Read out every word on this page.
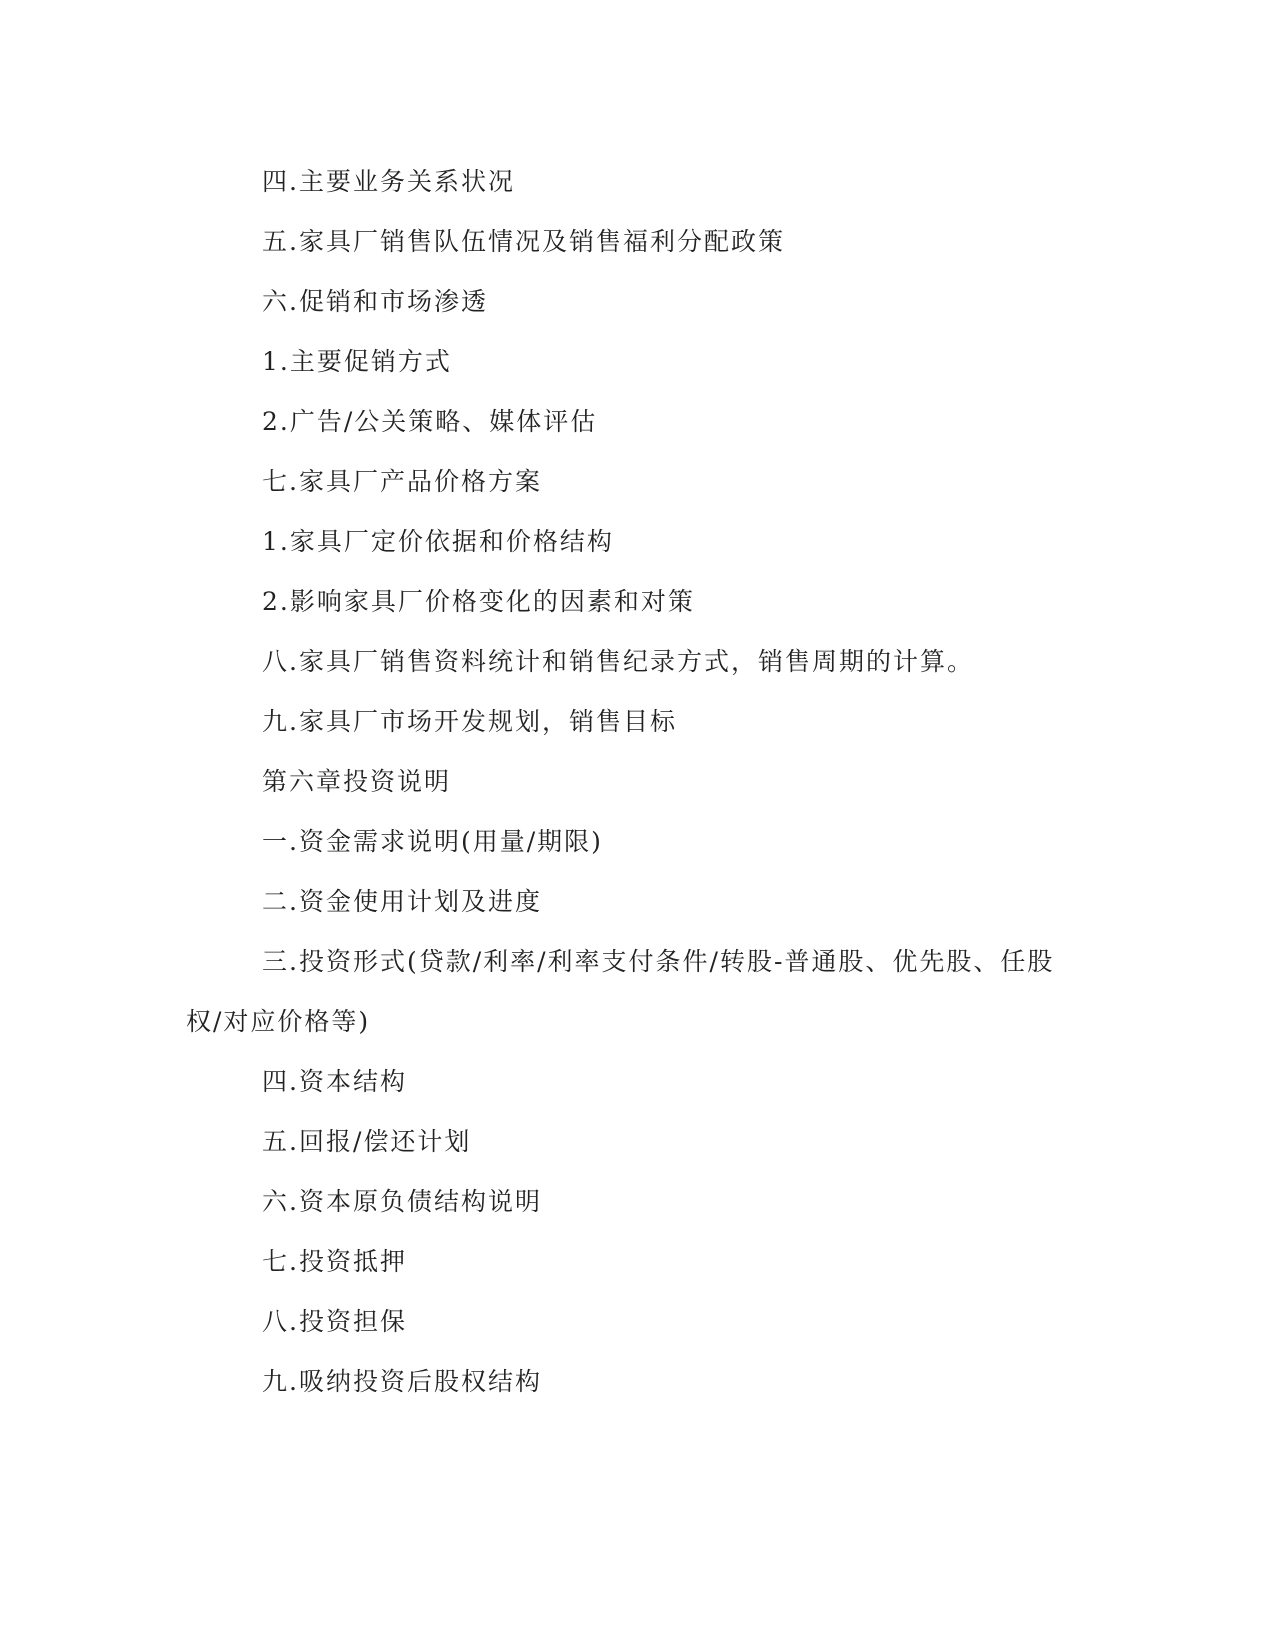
四.主要业务关系状况

五.家具厂销售队伍情况及销售福利分配政策

六.促销和市场渗透

1.主要促销方式

2.广告/公关策略、媒体评估

七.家具厂产品价格方案

1.家具厂定价依据和价格结构

2.影响家具厂价格变化的因素和对策

八.家具厂销售资料统计和销售纪录方式，销售周期的计算。

九.家具厂市场开发规划，销售目标

第六章投资说明

一.资金需求说明(用量/期限)

二.资金使用计划及进度

三.投资形式(贷款/利率/利率支付条件/转股-普通股、优先股、任股权/对应价格等)

四.资本结构

五.回报/偿还计划

六.资本原负债结构说明

七.投资抵押

八.投资担保

九.吸纳投资后股权结构
